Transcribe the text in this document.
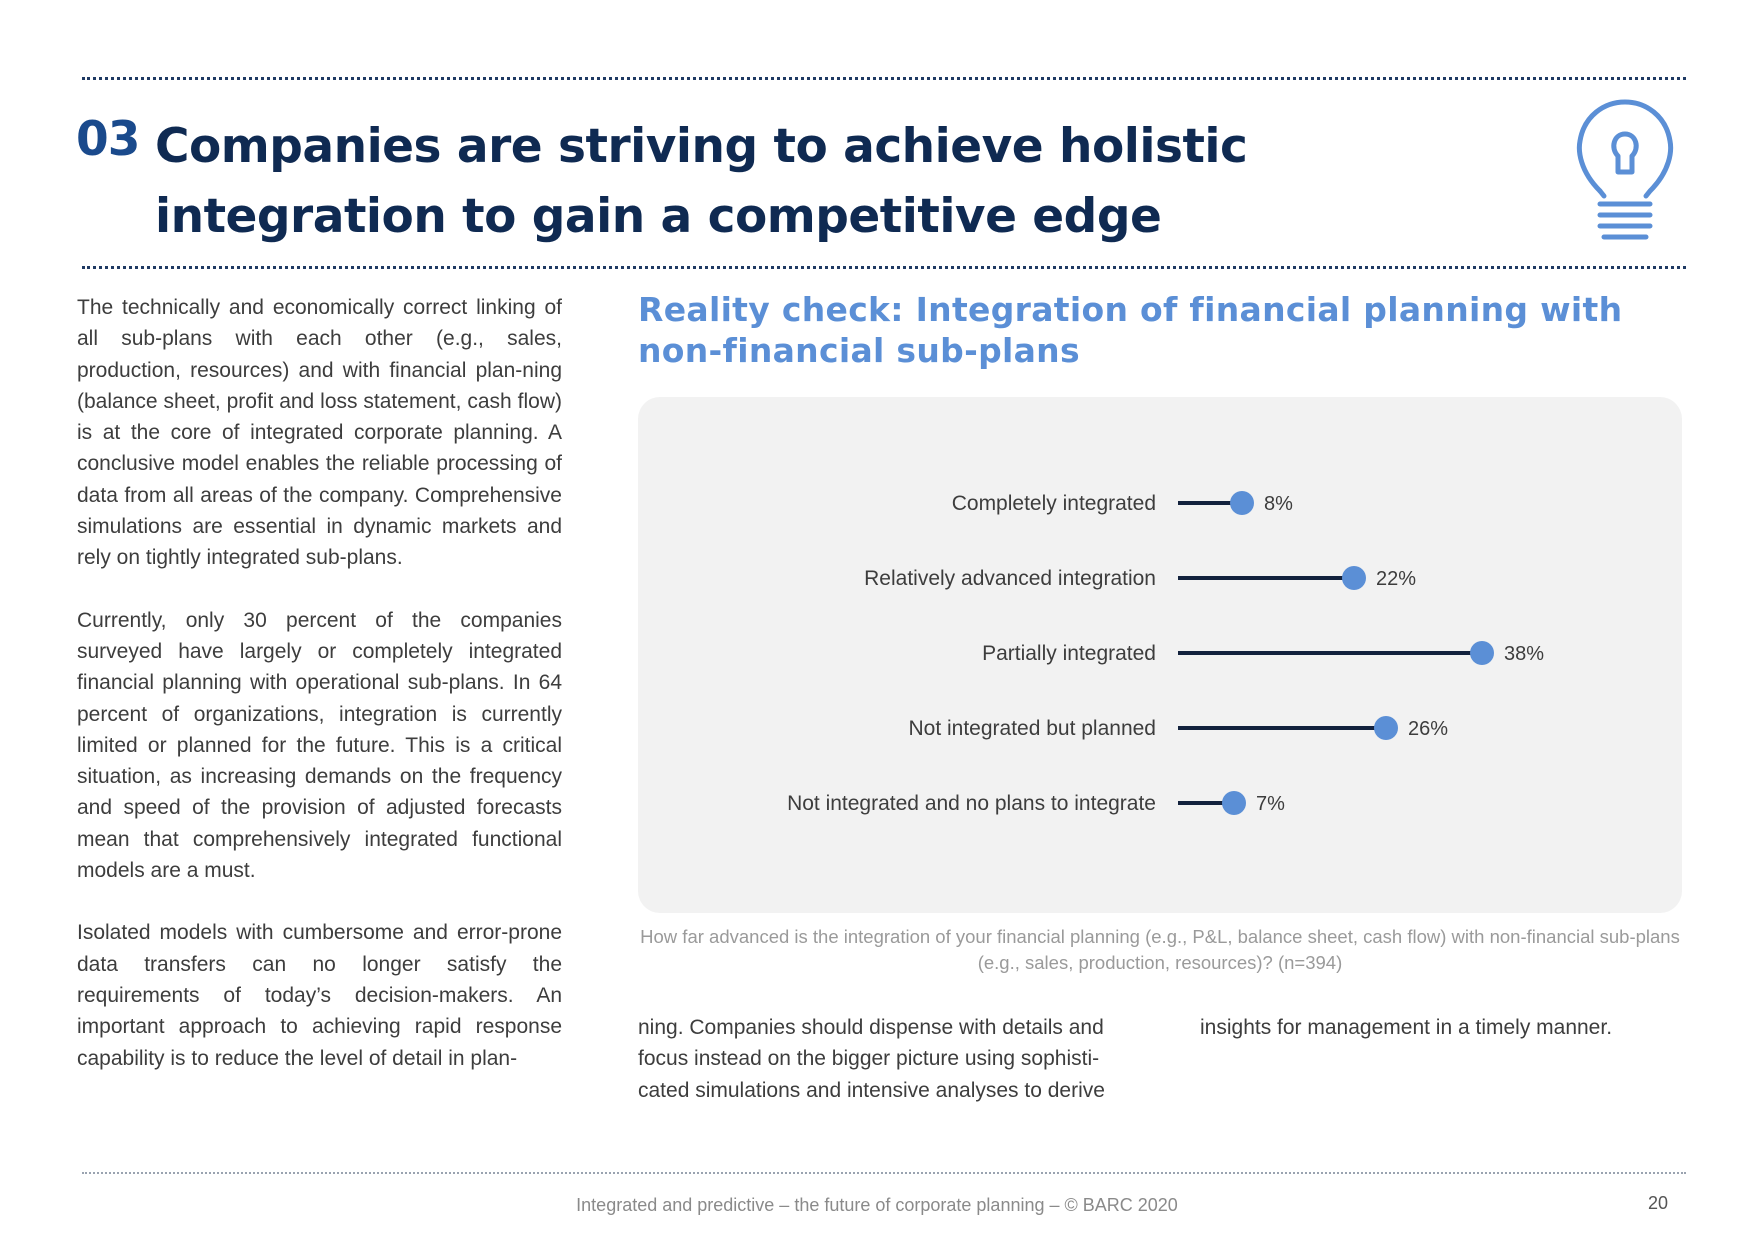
03 Companies are striving to achieve holistic
integration to gain a competitive edge

The technically and economically correct linking of all sub-plans with each other (e.g., sales, production, resources) and with financial plan-ning (balance sheet, profit and loss statement, cash flow) is at the core of integrated corporate planning. A conclusive model enables the reliable processing of data from all areas of the company. Comprehensive simulations are essential in dynamic markets and rely on tightly integrated sub-plans.

Currently, only 30 percent of the companies surveyed have largely or completely integrated financial planning with operational sub-plans. In 64 percent of organizations, integration is currently limited or planned for the future. This is a critical situation, as increasing demands on the frequency and speed of the provision of adjusted forecasts mean that comprehensively integrated functional models are a must.

Isolated models with cumbersome and error-prone data transfers can no longer satisfy the requirements of today’s decision-makers. An important approach to achieving rapid response capability is to reduce the level of detail in plan-

Reality check: Integration of financial planning with non-financial sub-plans
Completely integrated	8%
Relatively advanced integration	22%
Partially integrated	38%
Not integrated but planned	26%
Not integrated and no plans to integrate	7%
How far advanced is the integration of your financial planning (e.g., P&L, balance sheet, cash flow) with non-financial sub-plans (e.g., sales, production, resources)? (n=394)

ning. Companies should dispense with details and focus instead on the bigger picture using sophisti-cated simulations and intensive analyses to derive

insights for management in a timely manner.

Integrated and predictive – the future of corporate planning – © BARC 2020	20
